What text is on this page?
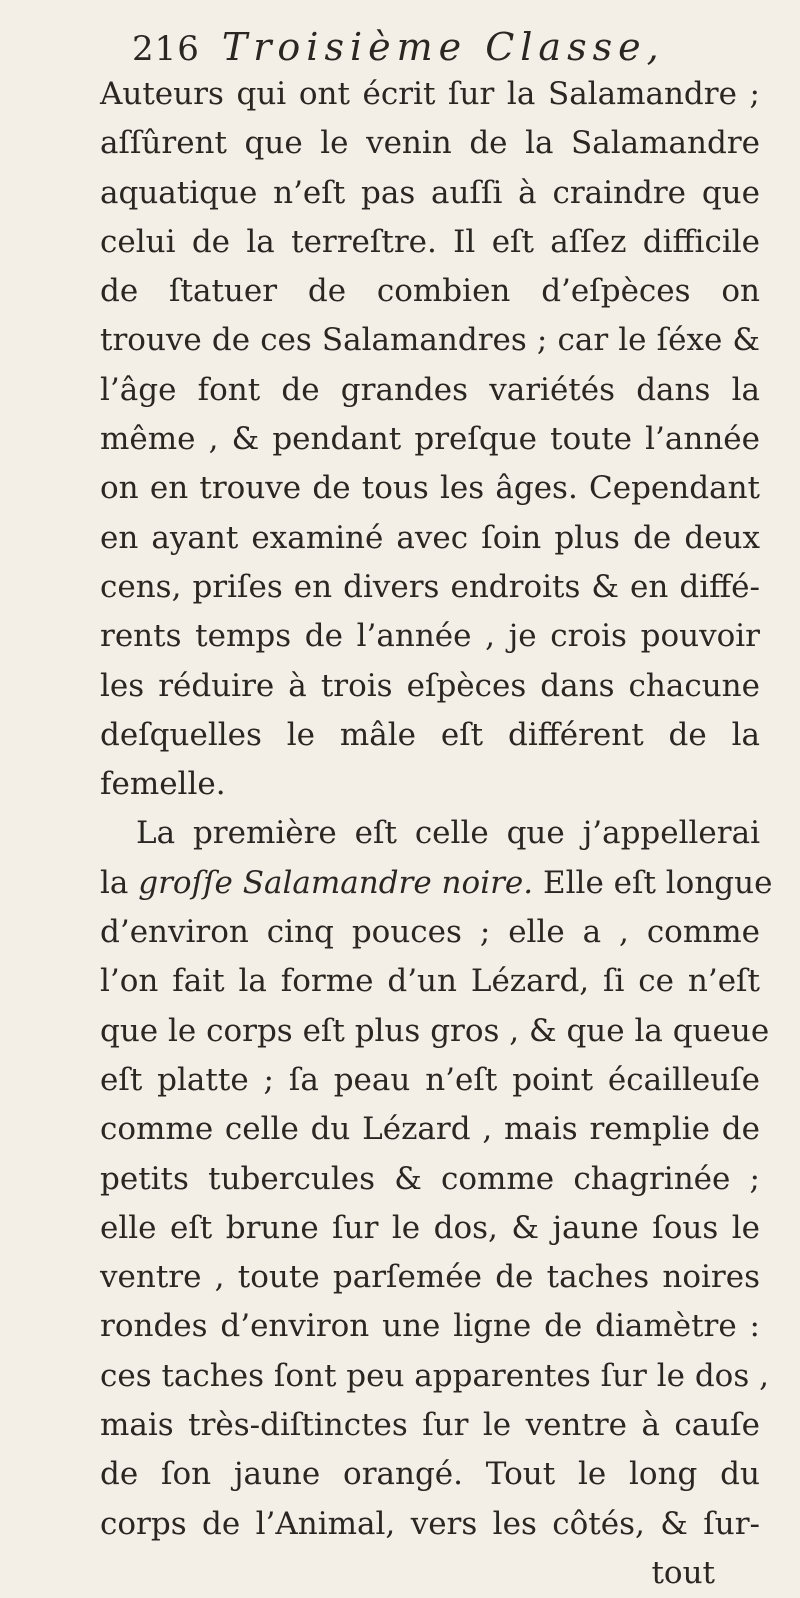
216 Troisième Classe,
Auteurs qui ont écrit ſur la Salamandre ;
aſſûrent que le venin de la Salamandre
aquatique n’eſt pas auſſi à craindre que
celui de la terreſtre. Il eſt aſſez difficile
de ſtatuer de combien d’eſpèces on
trouve de ces Salamandres ; car le ſéxe &
l’âge font de grandes variétés dans la
même , & pendant preſque toute l’année
on en trouve de tous les âges. Cependant
en ayant examiné avec ſoin plus de deux
cens, priſes en divers endroits & en diffé-
rents temps de l’année , je crois pouvoir
les réduire à trois eſpèces dans chacune
deſquelles le mâle eſt différent de la
femelle.
La première eſt celle que j’appellerai
la groſſe Salamandre noire. Elle eſt longue
d’environ cinq pouces ; elle a , comme
l’on fait la forme d’un Lézard, ſi ce n’eſt
que le corps eſt plus gros , & que la queue
eſt platte ; ſa peau n’eſt point écailleuſe
comme celle du Lézard , mais remplie de
petits tubercules & comme chagrinée ;
elle eſt brune ſur le dos, & jaune ſous le
ventre , toute parſemée de taches noires
rondes d’environ une ligne de diamètre :
ces taches ſont peu apparentes ſur le dos ,
mais très-diſtinctes ſur le ventre à cauſe
de ſon jaune orangé. Tout le long du
corps de l’Animal, vers les côtés, & ſur-
tout
